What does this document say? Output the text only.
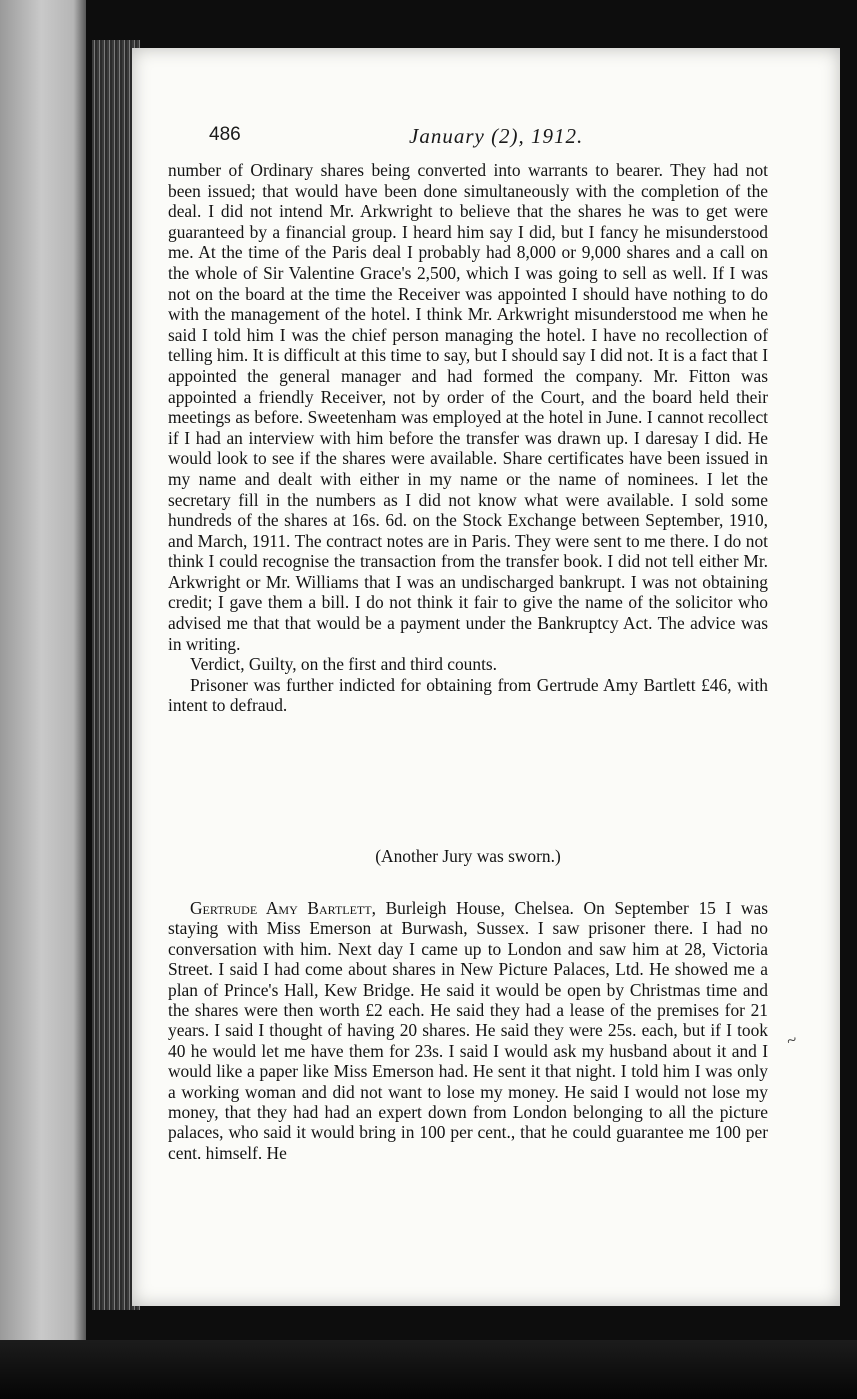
486	January (2), 1912.

number of Ordinary shares being converted into warrants to bearer. They had not been issued; that would have been done simultaneously with the completion of the deal. I did not intend Mr. Arkwright to believe that the shares he was to get were guaranteed by a financial group. I heard him say I did, but I fancy he misunderstood me. At the time of the Paris deal I probably had 8,000 or 9,000 shares and a call on the whole of Sir Valentine Grace's 2,500, which I was going to sell as well. If I was not on the board at the time the Receiver was appointed I should have nothing to do with the management of the hotel. I think Mr. Arkwright misunderstood me when he said I told him I was the chief person managing the hotel. I have no recollection of telling him. It is difficult at this time to say, but I should say I did not. It is a fact that I appointed the general manager and had formed the company. Mr. Fitton was appointed a friendly Receiver, not by order of the Court, and the board held their meetings as before. Sweetenham was employed at the hotel in June. I cannot recollect if I had an interview with him before the transfer was drawn up. I daresay I did. He would look to see if the shares were available. Share certificates have been issued in my name and dealt with either in my name or the name of nominees. I let the secretary fill in the numbers as I did not know what were available. I sold some hundreds of the shares at 16s. 6d. on the Stock Exchange between September, 1910, and March, 1911. The contract notes are in Paris. They were sent to me there. I do not think I could recognise the transaction from the transfer book. I did not tell either Mr. Arkwright or Mr. Williams that I was an undischarged bankrupt. I was not obtaining credit; I gave them a bill. I do not think it fair to give the name of the solicitor who advised me that that would be a payment under the Bankruptcy Act. The advice was in writing.

Verdict, Guilty, on the first and third counts.

Prisoner was further indicted for obtaining from Gertrude Amy Bartlett £46, with intent to defraud.

(Another Jury was sworn.)

Gertrude Amy Bartlett, Burleigh House, Chelsea. On September 15 I was staying with Miss Emerson at Burwash, Sussex. I saw prisoner there. I had no conversation with him. Next day I came up to London and saw him at 28, Victoria Street. I said I had come about shares in New Picture Palaces, Ltd. He showed me a plan of Prince's Hall, Kew Bridge. He said it would be open by Christmas time and the shares were then worth £2 each. He said they had a lease of the premises for 21 years. I said I thought of having 20 shares. He said they were 25s. each, but if I took 40 he would let me have them for 23s. I said I would ask my husband about it and I would like a paper like Miss Emerson had. He sent it that night. I told him I was only a working woman and did not want to lose my money. He said I would not lose my money, that they had had an expert down from London belonging to all the picture palaces, who said it would bring in 100 per cent., that he could guarantee me 100 per cent. himself. He

~
